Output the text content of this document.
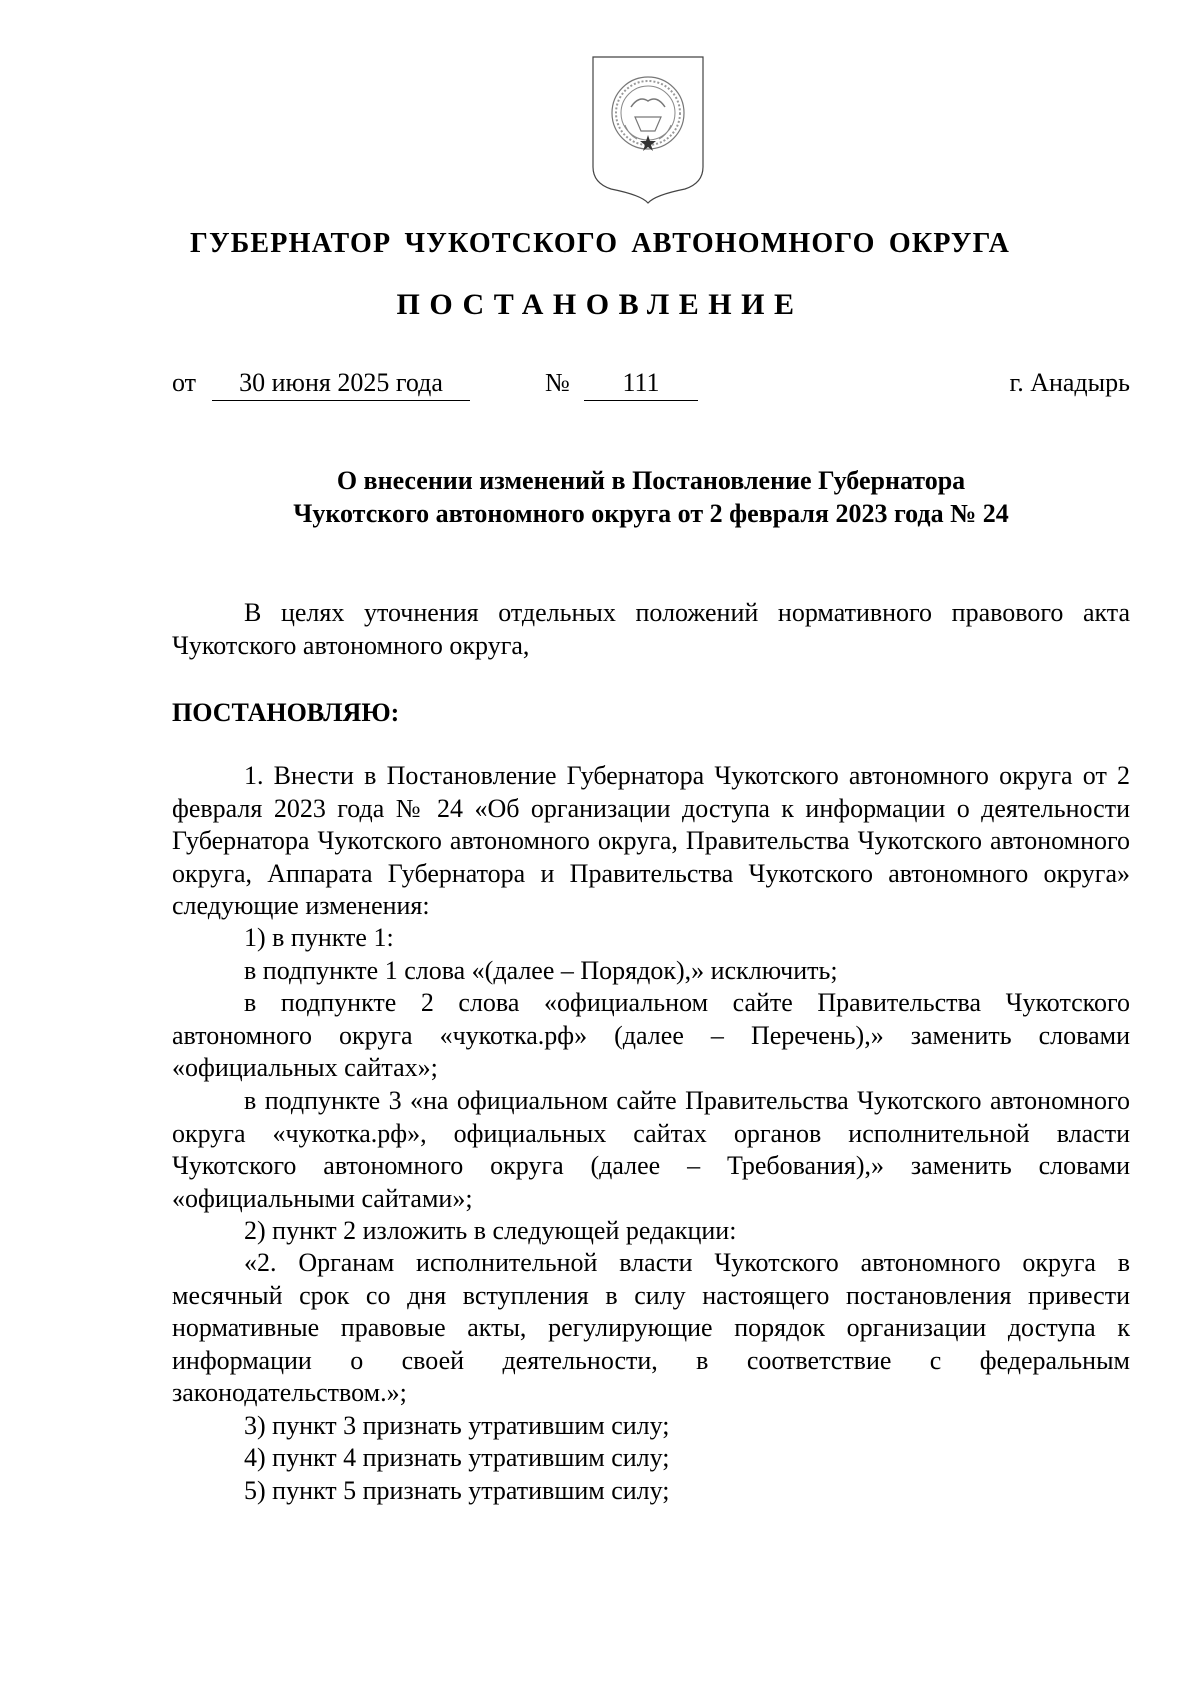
ГУБЕРНАТОР ЧУКОТСКОГО АВТОНОМНОГО ОКРУГА
ПОСТАНОВЛЕНИЕ
от	30 июня 2025 года	№	111	г. Анадырь
О внесении изменений в Постановление Губернатора
Чукотского автономного округа от 2 февраля 2023 года № 24

В целях уточнения отдельных положений нормативного правового акта Чукотского автономного округа,

ПОСТАНОВЛЯЮ:

1. Внести в Постановление Губернатора Чукотского автономного округа от 2 февраля 2023 года № 24 «Об организации доступа к информации о деятельности Губернатора Чукотского автономного округа, Правительства Чукотского автономного округа, Аппарата Губернатора и Правительства Чукотского автономного округа» следующие изменения:

1) в пункте 1:

в подпункте 1 слова «(далее – Порядок),» исключить;

в подпункте 2 слова «официальном сайте Правительства Чукотского автономного округа «чукотка.рф» (далее – Перечень),» заменить словами «официальных сайтах»;

в подпункте 3 «на официальном сайте Правительства Чукотского автономного округа «чукотка.рф», официальных сайтах органов исполнительной власти Чукотского автономного округа (далее – Требования),» заменить словами «официальными сайтами»;

2) пункт 2 изложить в следующей редакции:

«2. Органам исполнительной власти Чукотского автономного округа в месячный срок со дня вступления в силу настоящего постановления привести нормативные правовые акты, регулирующие порядок организации доступа к информации о своей деятельности, в соответствие с федеральным законодательством.»;

3) пункт 3 признать утратившим силу;

4) пункт 4 признать утратившим силу;

5) пункт 5 признать утратившим силу;
